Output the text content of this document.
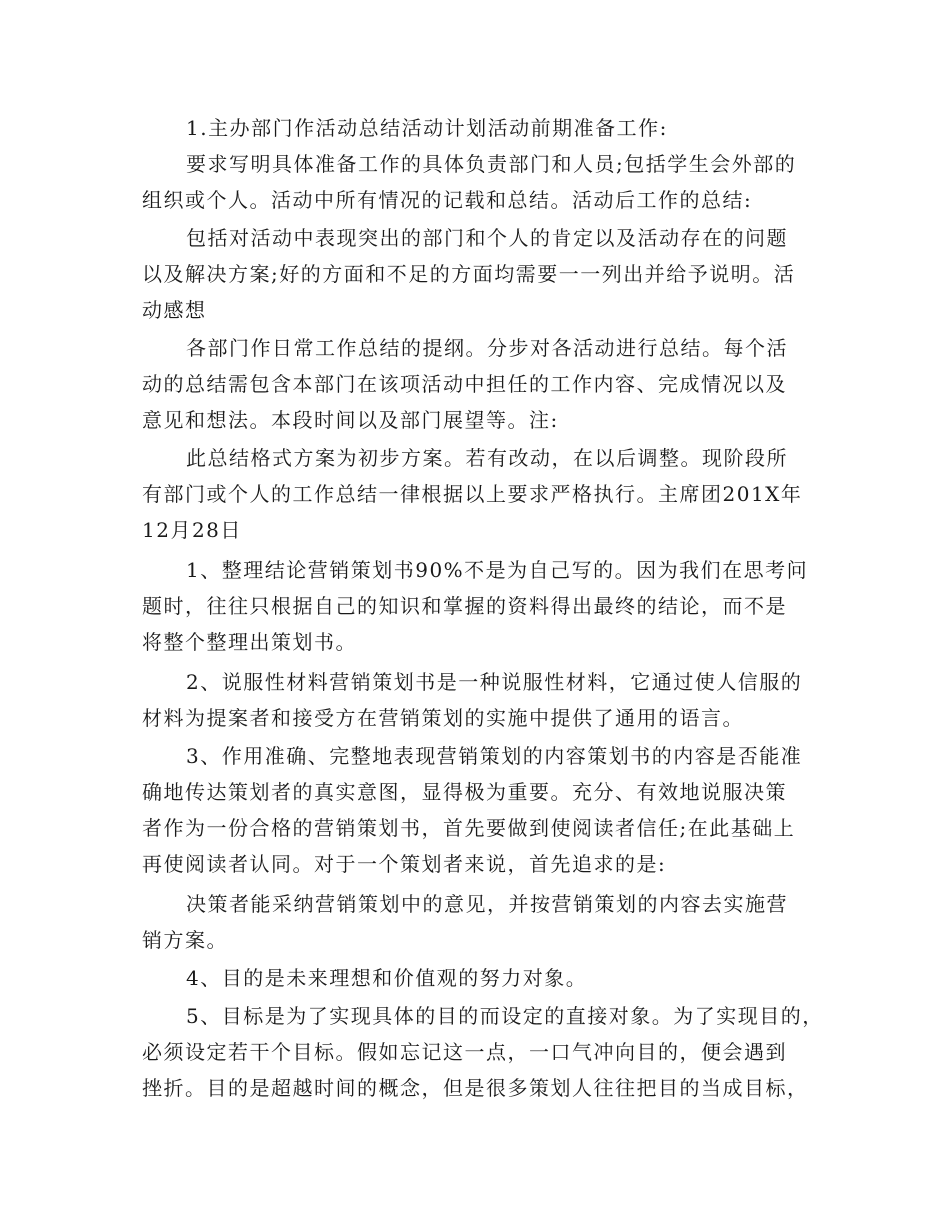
1.主办部门作活动总结活动计划活动前期准备工作:
要求写明具体准备工作的具体负责部门和人员;包括学生会外部的
组织或个人。活动中所有情况的记载和总结。活动后工作的总结:
包括对活动中表现突出的部门和个人的肯定以及活动存在的问题
以及解决方案;好的方面和不足的方面均需要一一列出并给予说明。活
动感想
各部门作日常工作总结的提纲。分步对各活动进行总结。每个活
动的总结需包含本部门在该项活动中担任的工作内容、完成情况以及
意见和想法。本段时间以及部门展望等。注:
此总结格式方案为初步方案。若有改动，在以后调整。现阶段所
有部门或个人的工作总结一律根据以上要求严格执行。主席团201X年
12月28日
1、整理结论营销策划书90%不是为自己写的。因为我们在思考问
题时，往往只根据自己的知识和掌握的资料得出最终的结论，而不是
将整个整理出策划书。
2、说服性材料营销策划书是一种说服性材料，它通过使人信服的
材料为提案者和接受方在营销策划的实施中提供了通用的语言。
3、作用准确、完整地表现营销策划的内容策划书的内容是否能准
确地传达策划者的真实意图，显得极为重要。充分、有效地说服决策
者作为一份合格的营销策划书，首先要做到使阅读者信任;在此基础上
再使阅读者认同。对于一个策划者来说，首先追求的是:
决策者能采纳营销策划中的意见，并按营销策划的内容去实施营
销方案。
4、目的是未来理想和价值观的努力对象。
5、目标是为了实现具体的目的而设定的直接对象。为了实现目的，
必须设定若干个目标。假如忘记这一点，一口气冲向目的，便会遇到
挫折。目的是超越时间的概念，但是很多策划人往往把目的当成目标，
